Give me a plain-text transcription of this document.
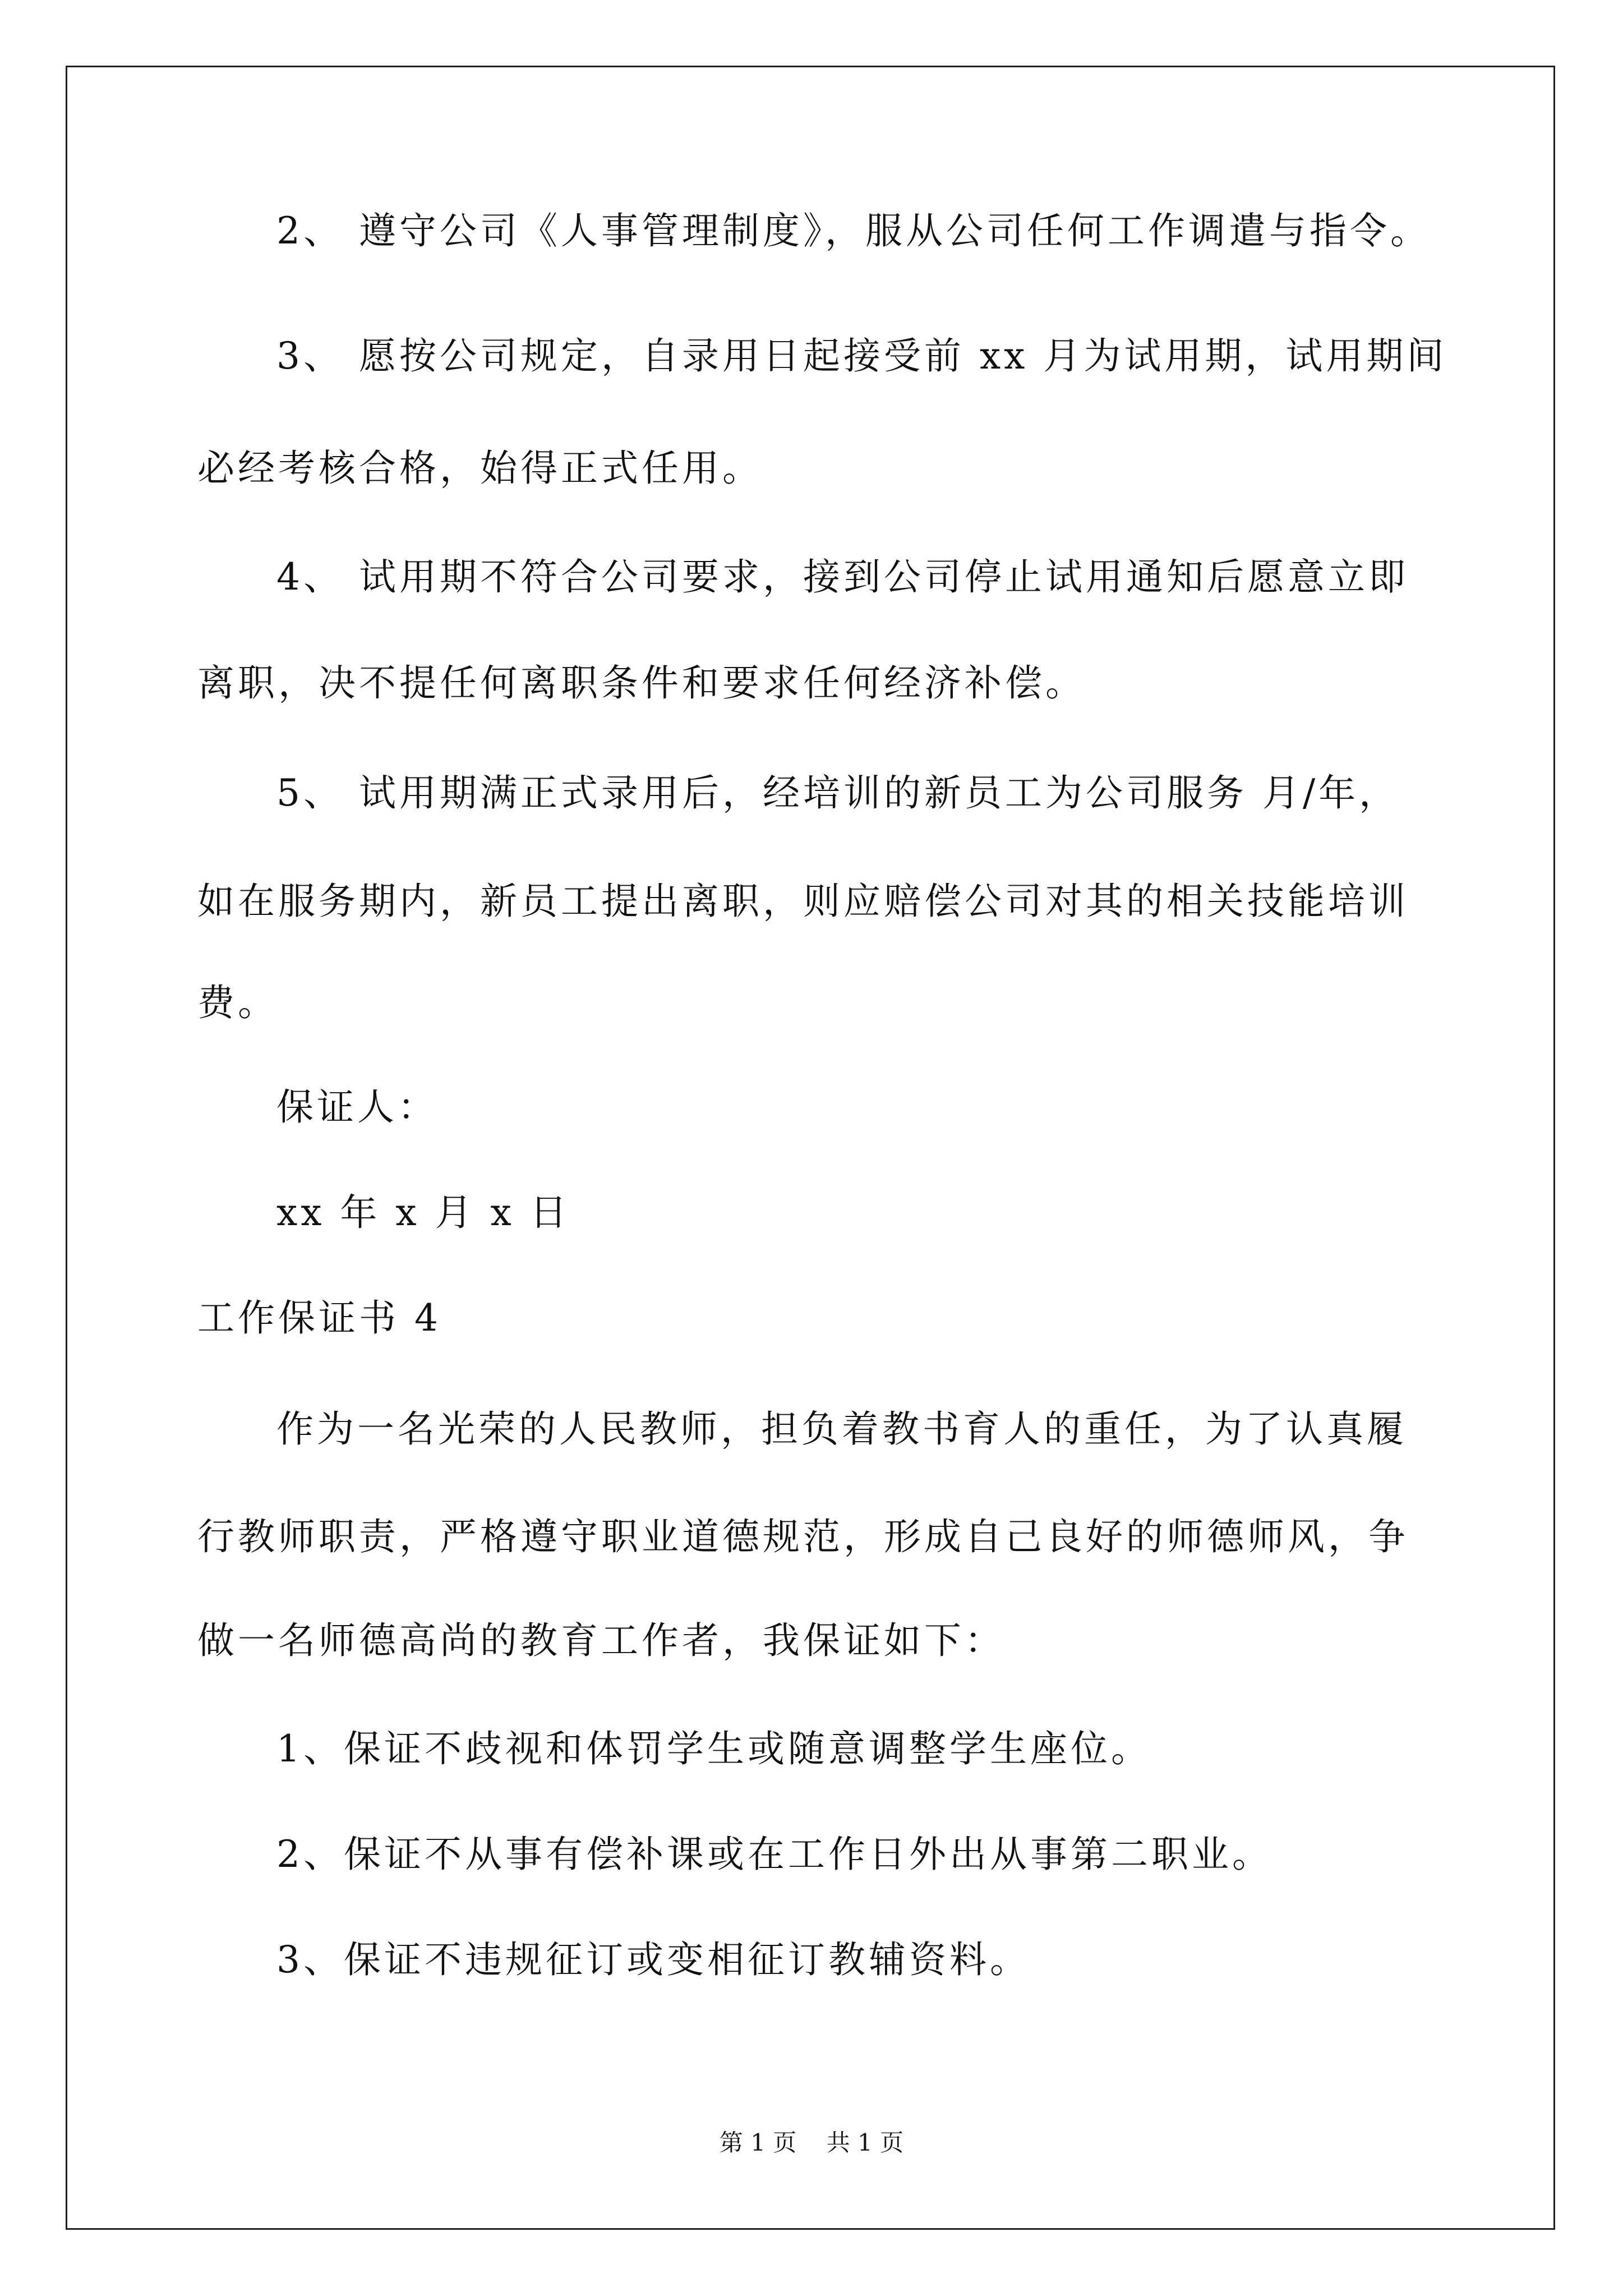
2、 遵守公司《人事管理制度》，服从公司任何工作调遣与指令。
3、 愿按公司规定，自录用日起接受前 xx 月为试用期，试用期间
必经考核合格，始得正式任用。
4、 试用期不符合公司要求，接到公司停止试用通知后愿意立即
离职，决不提任何离职条件和要求任何经济补偿。
5、 试用期满正式录用后，经培训的新员工为公司服务 月/年，
如在服务期内，新员工提出离职，则应赔偿公司对其的相关技能培训
费。
保证人：
xx 年 x 月 x 日
工作保证书 4
作为一名光荣的人民教师，担负着教书育人的重任，为了认真履
行教师职责，严格遵守职业道德规范，形成自己良好的师德师风，争
做一名师德高尚的教育工作者，我保证如下：
1、保证不歧视和体罚学生或随意调整学生座位。
2、保证不从事有偿补课或在工作日外出从事第二职业。
3、保证不违规征订或变相征订教辅资料。
第 1 页    共 1 页
